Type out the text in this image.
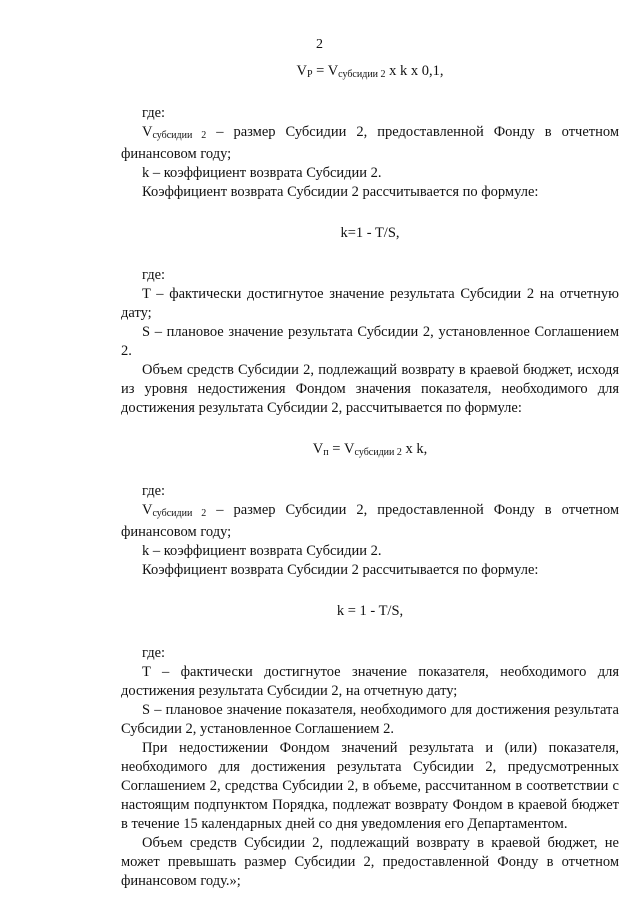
2

$V_P = V_{субсидии 2}$ x k x 0,1,

где:

$V_{субсидии 2}$ – размер Субсидии 2, предоставленной Фонду в отчетном финансовом году;

k – коэффициент возврата Субсидии 2.

Коэффициент возврата Субсидии 2 рассчитывается по формуле:

k=1 - T/S,

где:

T – фактически достигнутое значение результата Субсидии 2 на отчетную дату;

S – плановое значение результата Субсидии 2, установленное Соглашением 2.

Объем средств Субсидии 2, подлежащий возврату в краевой бюджет, исходя из уровня недостижения Фондом значения показателя, необходимого для достижения результата Субсидии 2, рассчитывается по формуле:

$V_п = V_{субсидии 2}$ x k,

где:

$V_{субсидии 2}$ – размер Субсидии 2, предоставленной Фонду в отчетном финансовом году;

k – коэффициент возврата Субсидии 2.

Коэффициент возврата Субсидии 2 рассчитывается по формуле:

k = 1 - T/S,

где:

T – фактически достигнутое значение показателя, необходимого для достижения результата Субсидии 2, на отчетную дату;

S – плановое значение показателя, необходимого для достижения результата Субсидии 2, установленное Соглашением 2.

При недостижении Фондом значений результата и (или) показателя, необходимого для достижения результата Субсидии 2, предусмотренных Соглашением 2, средства Субсидии 2, в объеме, рассчитанном в соответствии с настоящим подпунктом Порядка, подлежат возврату Фондом в краевой бюджет в течение 15 календарных дней со дня уведомления его Департаментом.

Объем средств Субсидии 2, подлежащий возврату в краевой бюджет, не может превышать размер Субсидии 2, предоставленной Фонду в отчетном финансовом году.»;
